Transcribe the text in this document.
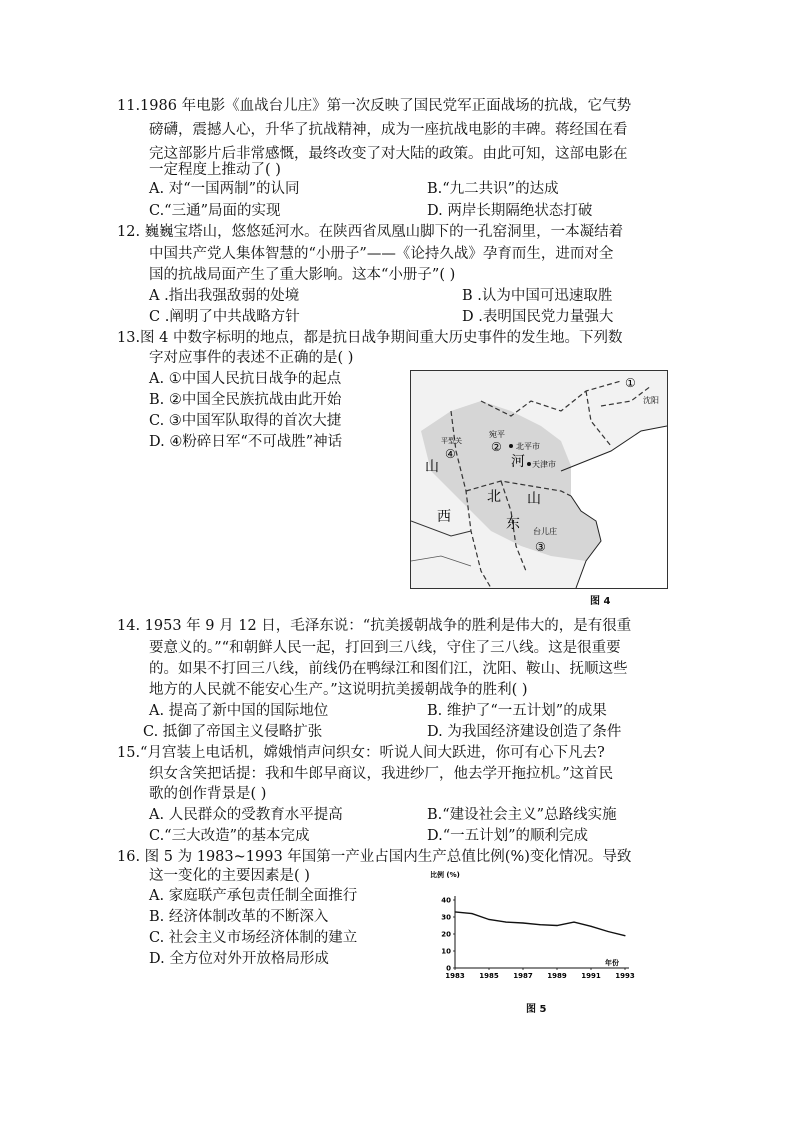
11.1986 年电影《血战台儿庄》第一次反映了国民党军正面战场的抗战，它气势
磅礴，震撼人心，升华了抗战精神，成为一座抗战电影的丰碑。蒋经国在看
完这部影片后非常感慨，最终改变了对大陆的政策。由此可知，这部电影在
一定程度上推动了( )
A. 对“一国两制”的认同	B.“九二共识”的达成
C.“三通”局面的实现	D. 两岸长期隔绝状态打破
12. 巍巍宝塔山，悠悠延河水。在陕西省凤凰山脚下的一孔窑洞里，一本凝结着
中国共产党人集体智慧的“小册子”——《论持久战》孕育而生，进而对全
国的抗战局面产生了重大影响。这本“小册子”( )
A .指出我强敌弱的处境	B .认为中国可迅速取胜
C .阐明了中共战略方针	D .表明国民党力量强大
13.图 4 中数字标明的地点，都是抗日战争期间重大历史事件的发生地。下列数
字对应事件的表述不正确的是( )
A. ①中国人民抗日战争的起点
B. ②中国全民族抗战由此开始
C. ③中国军队取得的首次大捷
D. ④粉碎日军“不可战胜”神话
①
沈阳
平型关
④
宛平
② 北平市
天津市
山
西
河
北 山
东 台儿庄
③
图 4
14. 1953 年 9 月 12 日，毛泽东说：“抗美援朝战争的胜利是伟大的，是有很重
要意义的。”“和朝鲜人民一起，打回到三八线，守住了三八线。这是很重要
的。如果不打回三八线，前线仍在鸭绿江和图们江，沈阳、鞍山、抚顺这些
地方的人民就不能安心生产。”这说明抗美援朝战争的胜利( )
A. 提高了新中国的国际地位	B. 维护了“一五计划”的成果
C. 抵御了帝国主义侵略扩张	D. 为我国经济建设创造了条件
15.“月宫装上电话机，嫦娥悄声问织女：听说人间大跃进，你可有心下凡去?
织女含笑把话提：我和牛郎早商议，我进纱厂，他去学开拖拉机。”这首民
歌的创作背景是( )
A. 人民群众的受教育水平提高	B.“建设社会主义”总路线实施
C.“三大改造”的基本完成	D.“一五计划”的顺利完成
16. 图 5 为 1983~1993 年国第一产业占国内生产总值比例(%)变化情况。导致
这一变化的主要因素是( )
A. 家庭联产承包责任制全面推行
B. 经济体制改革的不断深入
C. 社会主义市场经济体制的建立
D. 全方位对外开放格局形成
比例 (%)
0
10
20
30
40
1983 1985 1987 1989 1991 1993
年份
图 5
